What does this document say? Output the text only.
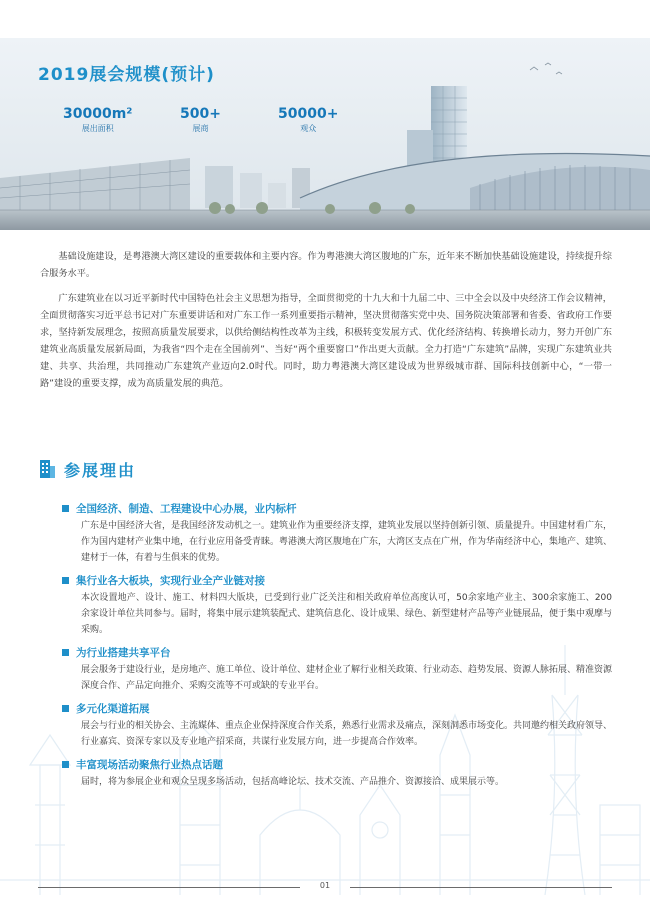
2019展会规模(预计)
30000m²
展出面积
500+
展商
50000+
观众

基础设施建设，是粤港澳大湾区建设的重要载体和主要内容。作为粤港澳大湾区腹地的广东，近年来不断加快基础设施建设，持续提升综合服务水平。

广东建筑业在以习近平新时代中国特色社会主义思想为指导，全面贯彻党的十九大和十九届二中、三中全会以及中央经济工作会议精神，全面贯彻落实习近平总书记对广东重要讲话和对广东工作一系列重要指示精神，坚决贯彻落实党中央、国务院决策部署和省委、省政府工作要求，坚持新发展理念，按照高质量发展要求，以供给侧结构性改革为主线，积极转变发展方式、优化经济结构、转换增长动力，努力开创广东建筑业高质量发展新局面，为我省“四个走在全国前列”、当好“两个重要窗口”作出更大贡献。全力打造“广东建筑”品牌，实现广东建筑业共建、共享、共治理，共同推动广东建筑产业迈向2.0时代。同时，助力粤港澳大湾区建设成为世界级城市群、国际科技创新中心，“一带一路”建设的重要支撑，成为高质量发展的典范。

参展理由
全国经济、制造、工程建设中心办展，业内标杆
广东是中国经济大省，是我国经济发动机之一。建筑业作为重要经济支撑，建筑业发展以坚持创新引领、质量提升。中国建材看广东，作为国内建材产业集中地，在行业应用备受青睐。粤港澳大湾区腹地在广东，大湾区支点在广州，作为华南经济中心，集地产、建筑、建材于一体，有着与生俱来的优势。
集行业各大板块，实现行业全产业链对接
本次设置地产、设计、施工、材料四大版块，已受到行业广泛关注和相关政府单位高度认可，50余家地产业主、300余家施工、200余家设计单位共同参与。届时，将集中展示建筑装配式、建筑信息化、设计成果、绿色、新型建材产品等产业链展品，便于集中观摩与采购。
为行业搭建共享平台
展会服务于建设行业，是房地产、施工单位、设计单位、建材企业了解行业相关政策、行业动态、趋势发展、资源人脉拓展、精准资源深度合作、产品定向推介、采购交流等不可或缺的专业平台。
多元化渠道拓展
展会与行业的相关协会、主流媒体、重点企业保持深度合作关系，熟悉行业需求及痛点，深刻洞悉市场变化。共同邀约相关政府领导、行业嘉宾、资深专家以及专业地产招采商，共谋行业发展方向，进一步提高合作效率。
丰富现场活动聚焦行业热点话题
届时，将为参展企业和观众呈现多场活动，包括高峰论坛、技术交流、产品推介、资源接洽、成果展示等。
01
